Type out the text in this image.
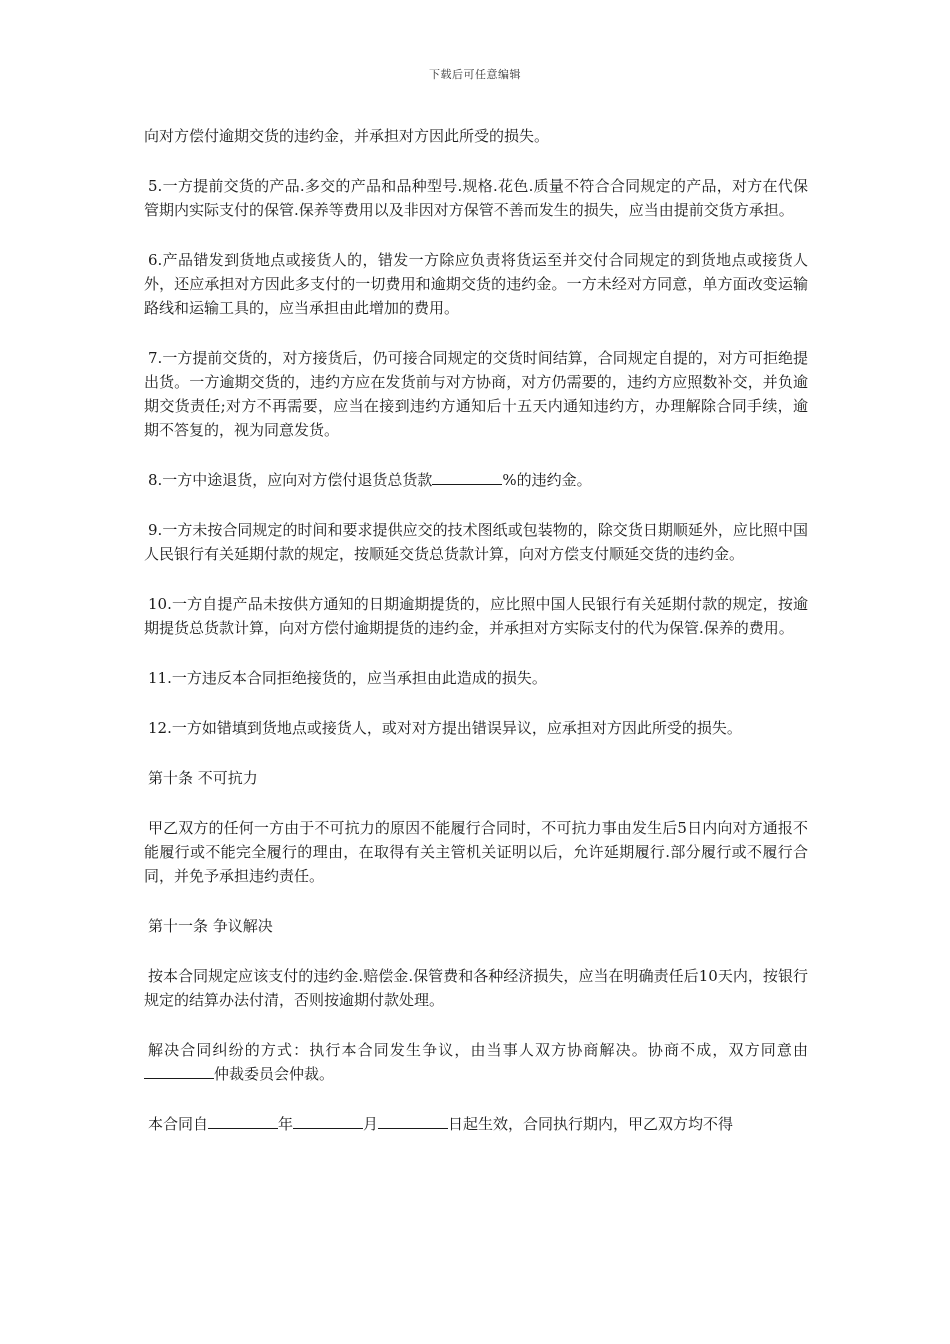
下载后可任意编辑

向对方偿付逾期交货的违约金，并承担对方因此所受的损失。

5.一方提前交货的产品.多交的产品和品种型号.规格.花色.质量不符合合同规定的产品，对方在代保管期内实际支付的保管.保养等费用以及非因对方保管不善而发生的损失，应当由提前交货方承担。

6.产品错发到货地点或接货人的，错发一方除应负责将货运至并交付合同规定的到货地点或接货人外，还应承担对方因此多支付的一切费用和逾期交货的违约金。一方未经对方同意，单方面改变运输路线和运输工具的，应当承担由此增加的费用。

7.一方提前交货的，对方接货后，仍可接合同规定的交货时间结算，合同规定自提的，对方可拒绝提出货。一方逾期交货的，违约方应在发货前与对方协商，对方仍需要的，违约方应照数补交，并负逾期交货责任;对方不再需要，应当在接到违约方通知后十五天内通知违约方，办理解除合同手续，逾期不答复的，视为同意发货。

8.一方中途退货，应向对方偿付退货总货款	%的违约金。

9.一方未按合同规定的时间和要求提供应交的技术图纸或包装物的，除交货日期顺延外，应比照中国人民银行有关延期付款的规定，按顺延交货总货款计算，向对方偿支付顺延交货的违约金。

10.一方自提产品未按供方通知的日期逾期提货的，应比照中国人民银行有关延期付款的规定，按逾期提货总货款计算，向对方偿付逾期提货的违约金，并承担对方实际支付的代为保管.保养的费用。

11.一方违反本合同拒绝接货的，应当承担由此造成的损失。

12.一方如错填到货地点或接货人，或对对方提出错误异议，应承担对方因此所受的损失。

第十条 不可抗力

甲乙双方的任何一方由于不可抗力的原因不能履行合同时，不可抗力事由发生后5日内向对方通报不能履行或不能完全履行的理由，在取得有关主管机关证明以后，允许延期履行.部分履行或不履行合同，并免予承担违约责任。

第十一条 争议解决

按本合同规定应该支付的违约金.赔偿金.保管费和各种经济损失，应当在明确责任后10天内，按银行规定的结算办法付清，否则按逾期付款处理。

解决合同纠纷的方式：执行本合同发生争议，由当事人双方协商解决。协商不成，双方同意由仲裁委员会仲裁。

本合同自	年	月	日起生效，合同执行期内，甲乙双方均不得
